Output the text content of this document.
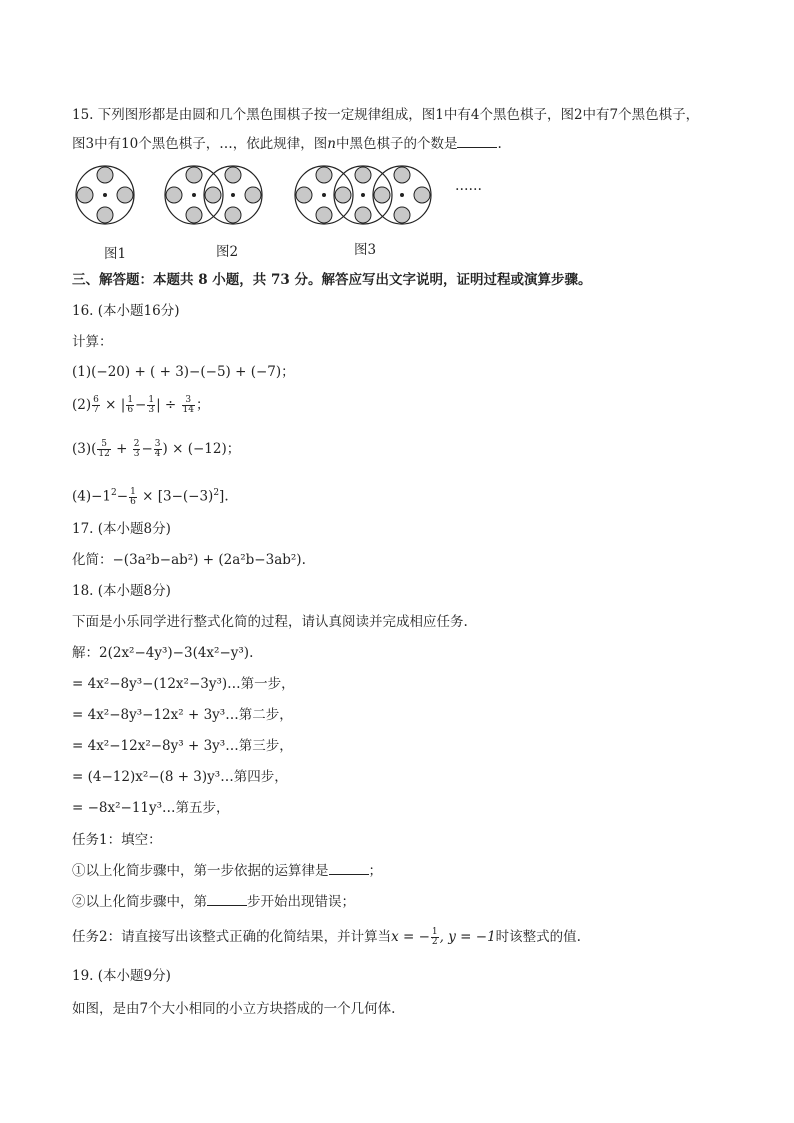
15. 下列图形都是由圆和几个黑色围棋子按一定规律组成，图1中有4个黑色棋子，图2中有7个黑色棋子，
图3中有10个黑色棋子，…，依此规律，图n中黑色棋子的个数是	.
……
图1	图2	图3
三、解答题：本题共 8 小题，共 73 分。解答应写出文字说明，证明过程或演算步骤。
16. (本小题16分)
计算：
(1)(−20) + ( + 3)−(−5) + (−7)；
$(2) \frac{6}{7}$ × | $\frac{1}{6} - \frac{1}{3}$ | ÷ $\frac{3}{14}$ ；
$(3)( \frac{5}{12} + \frac{2}{3} - \frac{3}{4}$ ) × (−12)；
$(4)-1^2- \frac{1}{6} \times [3-(-3)^2]$.
17. (本小题8分)
化简：−(3a²b−ab²) + (2a²b−3ab²).
18. (本小题8分)
下面是小乐同学进行整式化简的过程，请认真阅读并完成相应任务.
解：2(2x²−4y³)−3(4x²−y³).
= 4x²−8y³−(12x²−3y³)…第一步，
= 4x²−8y³−12x² + 3y³…第二步，
= 4x²−12x²−8y³ + 3y³…第三步，
= (4−12)x²−(8 + 3)y³…第四步，
= −8x²−11y³…第五步，
任务1：填空：
①以上化简步骤中，第一步依据的运算律是	；
②以上化简步骤中，第	步开始出现错误；
任务2：请直接写出该整式正确的化简结果，并计算当x = − $\frac{1}{2}$ , y = −1时该整式的值.
19. (本小题9分)
如图，是由7个大小相同的小立方块搭成的一个几何体.
